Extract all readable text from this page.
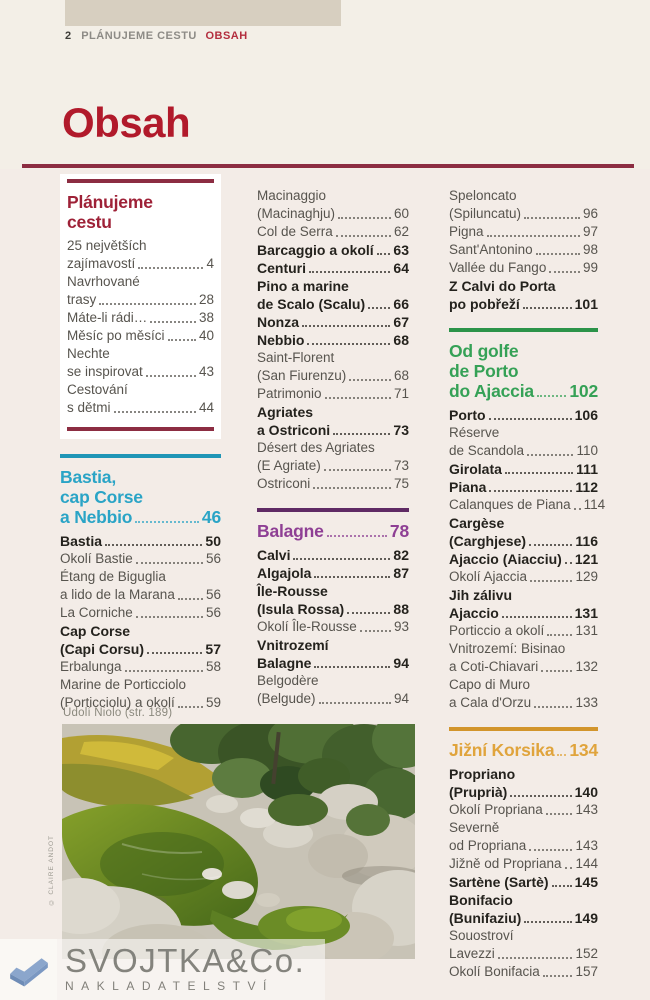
2 PLÁNUJEME CESTU OBSAH
Obsah
Plánujeme
cestu
25 největších
zajímavostí	4
Navrhované
trasy	28
Máte-li rádi…	38
Měsíc po měsíci	40
Nechte
se inspirovat	43
Cestování
s dětmi	44
Bastia,
cap Corse
a Nebbio	46
Bastia	50
Okolí Bastie	56
Étang de Biguglia
a lido de la Marana 56
La Corniche	56
Cap Corse
(Capi Corsu)	57
Erbalunga	58
Marine de Porticciolo
(Porticciolu) a okolí 59
Macinaggio
(Macinaghju)	60
Col de Serra	62
Barcaggio a okolí 63
Centuri	64
Pino a marine
de Scalo (Scalu) 66
Nonza	67
Nebbio	68
Saint-Florent
(San Fiurenzu)	68
Patrimonio	71
Agriates
a Ostriconi	73
Désert des Agriates
(E Agriate)	73
Ostriconi	75
Balagne	78
Calvi	82
Algajola	87
Île-Rousse
(Isula Rossa)	88
Okolí Île-Rousse	93
Vnitrozemí
Balagne	94
Belgodère
(Belgude)	94
Speloncato
(Spiluncatu)	96
Pigna	97
Sant'Antonino	98
Vallée du Fango	99
Z Calvi do Porta
po pobřeží	101
Od golfe
de Porto
do Ajaccia 102
Porto	106
Réserve
de Scandola	110
Girolata	111
Piana	112
Calanques de Piana 114
Cargèse
(Carghjese)	116
Ajaccio (Aiacciu) 121
Okolí Ajaccia	129
Jih zálivu
Ajaccio	131
Porticcio a okolí 131
Vnitrozemí: Bisinao
a Coti-Chiavari	132
Capo di Muro
a Cala d'Orzu	133
Jižní Korsika 134
Propriano
(Pruprià)	140
Okolí Propriana 143
Severně
od Propriana	143
Jižně od Propriana 144
Sartène (Sartè) 145
Bonifacio
(Bunifaziu)	149
Souostroví
Lavezzi	152
Okolí Bonifacia	157
Údolí Niolo (str. 189)
© CLAIRE ANDOT
SVOJTKA&Co.
NAKLADATELSTVÍ
